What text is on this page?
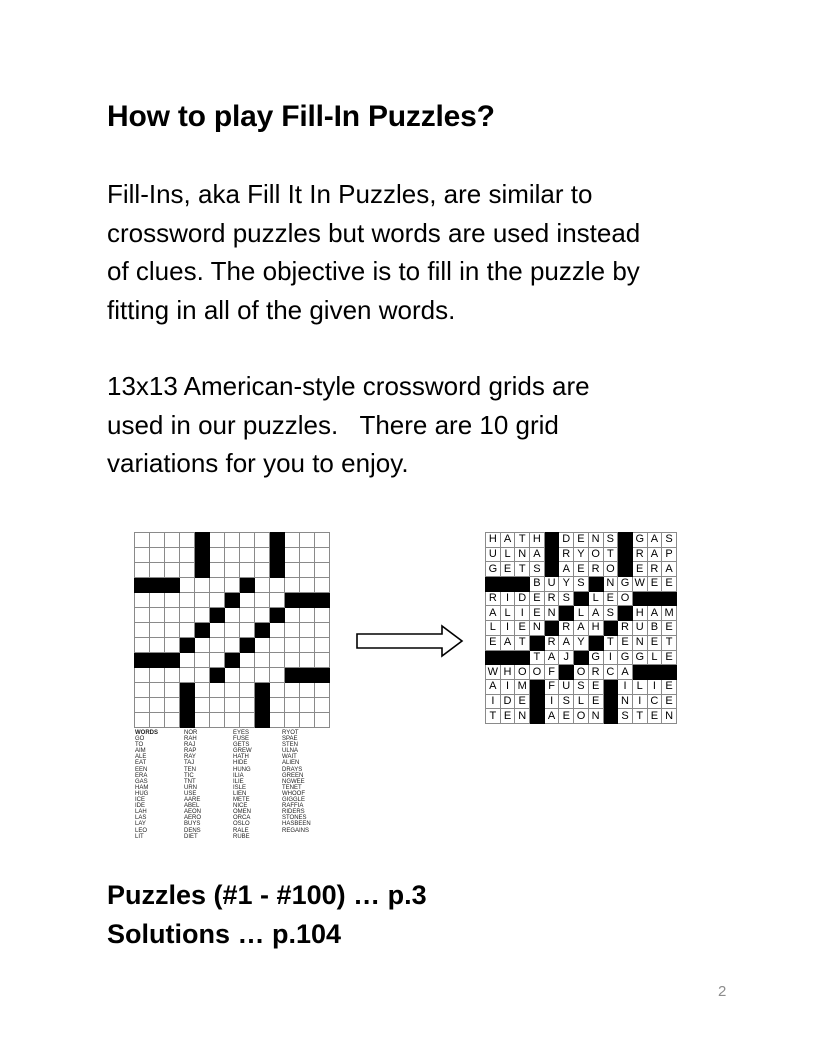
How to play Fill-In Puzzles?

Fill-Ins, aka Fill It In Puzzles, are similar to
crossword puzzles but words are used instead
of clues. The objective is to fill in the puzzle by
fitting in all of the given words.

13x13 American-style crossword grids are
used in our puzzles.   There are 10 grid
variations for you to enjoy.

WORDS
GO
TO
AIM
ALE
EAT
EEN
ERA
GAS
HAM
HUG
ICE
IDE
LAH
LAS
LAY
LEO
LIT
NOR
RAH
RAJ
RAP
RAY
TAJ
TEN
TIC
TNT
URN
USE
AARE
ABEL
AEON
AERO
BUYS
DENS
DIET
EYES
FUSE
GETS
GREW
HATH
HIDE
HUNG
ILIA
ILIE
ISLE
LIEN
METE
NICE
OMEN
ORCA
OSLO
RALE
RUBE
RYOT
SPAE
STEN
ULNA
WAIT
ALIEN
DRAYS
GREEN
NGWEE
TENET
WHOOF
GIGGLE
RAFFIA
RIDERS
STONES
HASBEEN
REGAINS
H	A	T	H		D	E	N	S		G	A	S
U	L	N	A		R	Y	O	T		R	A	P
G	E	T	S		A	E	R	O		E	R	A
			B	U	Y	S		N	G	W	E	E
R	I	D	E	R	S		L	E	O			
A	L	I	E	N		L	A	S		H	A	M
L	I	E	N		R	A	H		R	U	B	E
E	A	T		R	A	Y		T	E	N	E	T
			T	A	J		G	I	G	G	L	E
W	H	O	O	F		O	R	C	A			
A	I	M		F	U	S	E		I	L	I	E
I	D	E		I	S	L	E		N	I	C	E
T	E	N		A	E	O	N		S	T	E	N
Puzzles (#1 - #100) … p.3
Solutions … p.104
2
